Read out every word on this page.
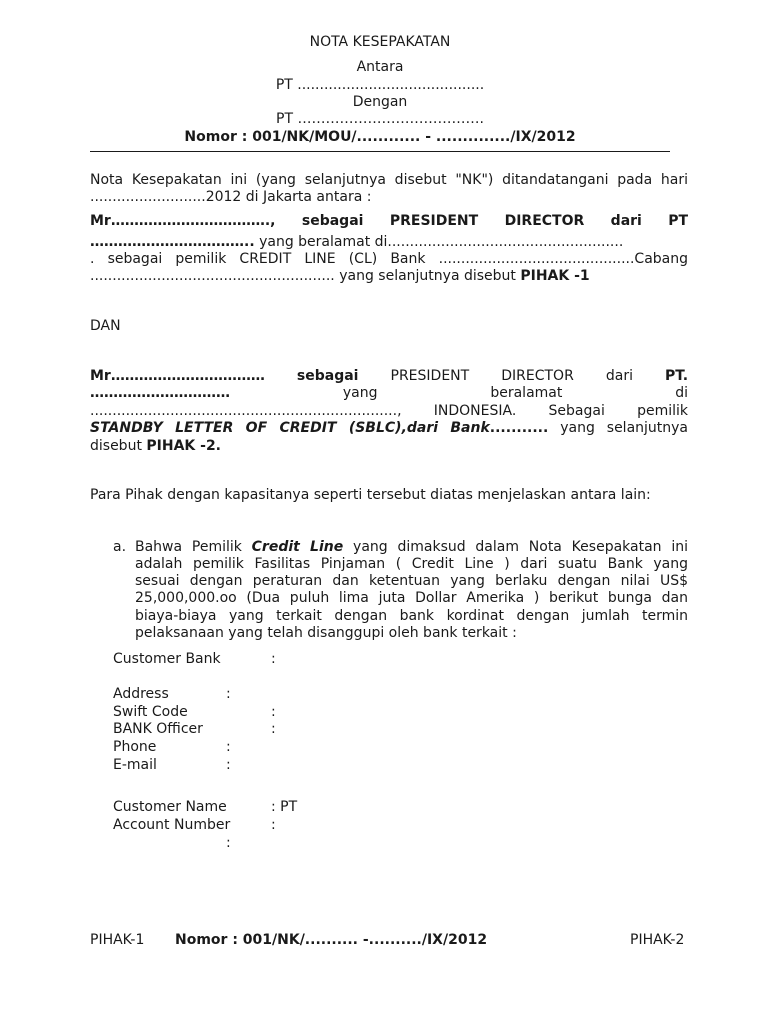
NOTA KESEPAKATAN
Antara
PT ..........................................
Dengan
PT ………………………………….
Nomor : 001/NK/MOU/............ - ............../IX/2012
Nota Kesepakatan ini (yang selanjutnya disebut "NK") ditandatangani pada hari
..........................2012 di Jakarta antara :
Mr……………………………., sebagai PRESIDENT DIRECTOR dari PT
…………………………….. yang beralamat di.....................................................
. sebagai pemilik CREDIT LINE (CL) Bank ............................................Cabang
....................................................... yang selanjutnya disebut PIHAK -1
DAN
Mr…………………………… sebagai PRESIDENT DIRECTOR dari PT.
…………………………	yang	beralamat	di
....................................................................., INDONESIA. Sebagai pemilik
STANDBY LETTER OF CREDIT (SBLC),dari Bank........... yang selanjutnya
disebut PIHAK -2.
Para Pihak dengan kapasitanya seperti tersebut diatas menjelaskan antara lain:
a. Bahwa Pemilik Credit Line yang dimaksud dalam Nota Kesepakatan ini
adalah pemilik Fasilitas Pinjaman ( Credit Line ) dari suatu Bank yang
sesuai dengan peraturan dan ketentuan yang berlaku dengan nilai US$
25,000,000.oo (Dua puluh lima juta Dollar Amerika ) berikut bunga dan
biaya-biaya yang terkait dengan bank kordinat dengan jumlah termin
pelaksanaan yang telah disanggupi oleh bank terkait :
Customer Bank	:
Address	:
Swift Code	:
BANK Officer	:
Phone	:
E-mail	:
Customer Name	: PT
Account Number	:
:
PIHAK-1 Nomor : 001/NK/.......... -........../IX/2012	PIHAK-2
